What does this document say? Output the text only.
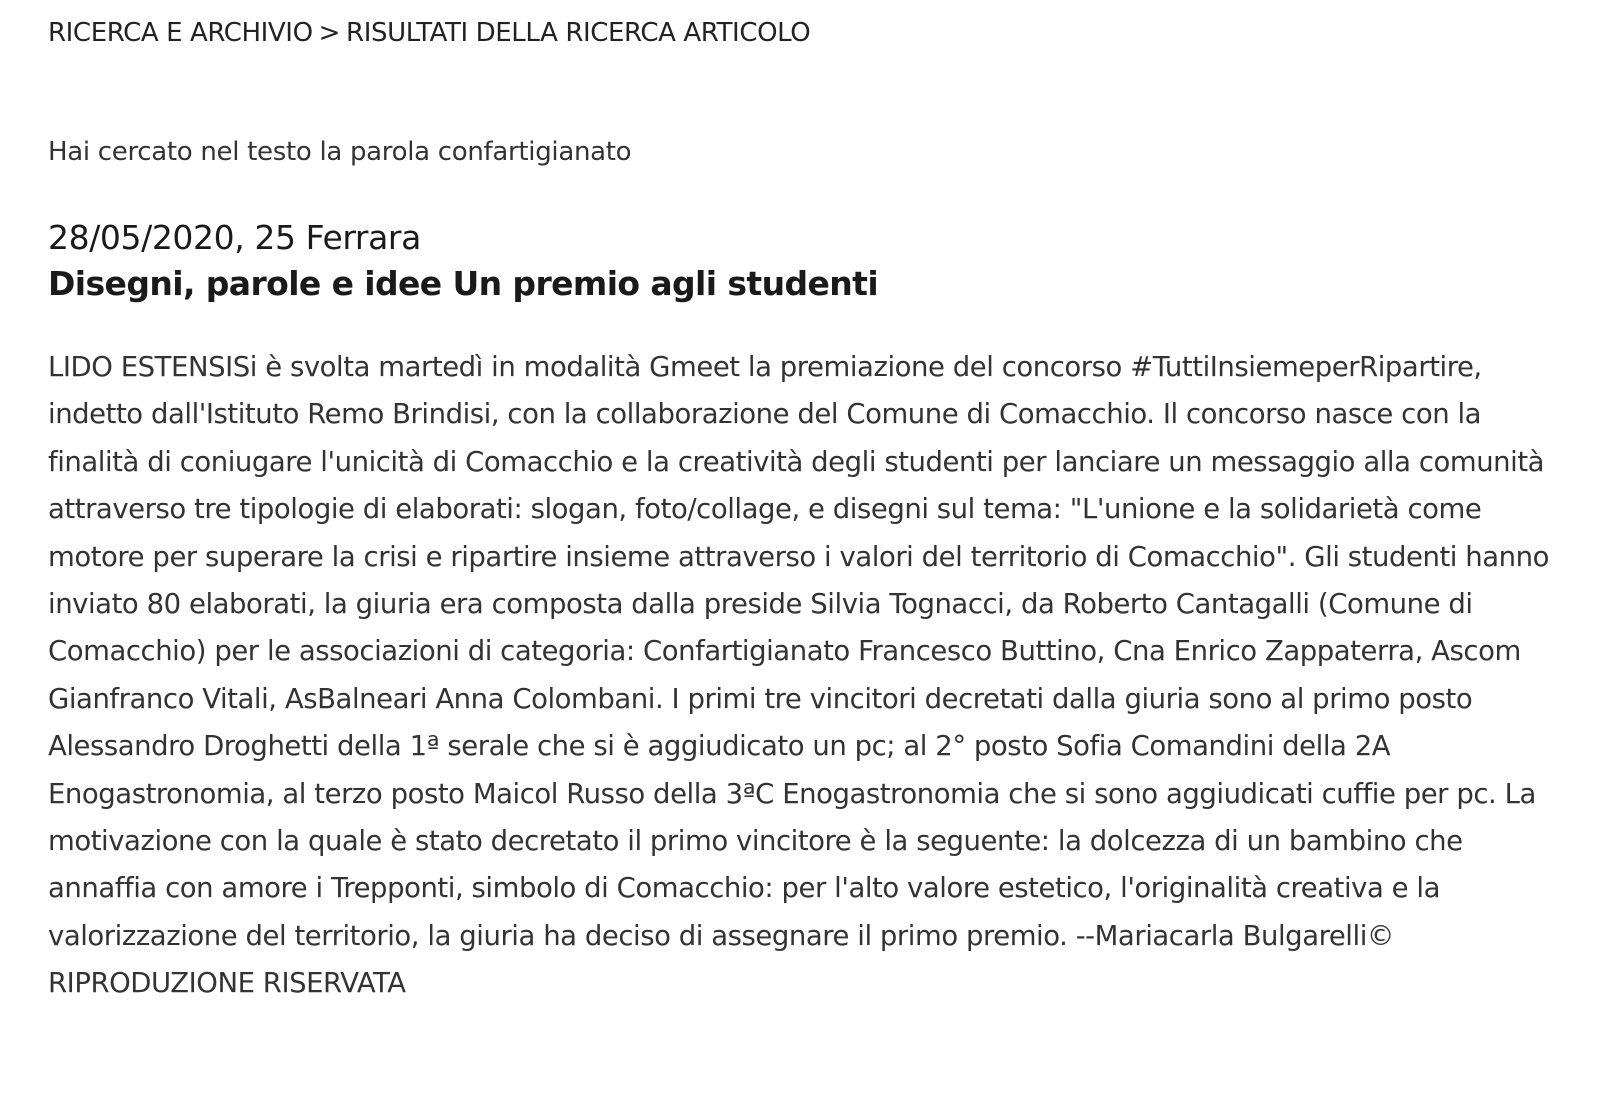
RICERCA E ARCHIVIO > RISULTATI DELLA RICERCA ARTICOLO
Hai cercato nel testo la parola confartigianato
28/05/2020, 25 Ferrara
Disegni, parole e idee Un premio agli studenti

LIDO ESTENSISi è svolta martedì in modalità Gmeet la premiazione del concorso #TuttiInsiemeperRipartire, indetto dall'Istituto Remo Brindisi, con la collaborazione del Comune di Comacchio. Il concorso nasce con la finalità di coniugare l'unicità di Comacchio e la creatività degli studenti per lanciare un messaggio alla comunità attraverso tre tipologie di elaborati: slogan, foto/collage, e disegni sul tema: "L'unione e la solidarietà come motore per superare la crisi e ripartire insieme attraverso i valori del territorio di Comacchio". Gli studenti hanno inviato 80 elaborati, la giuria era composta dalla preside Silvia Tognacci, da Roberto Cantagalli (Comune di Comacchio) per le associazioni di categoria: Confartigianato Francesco Buttino, Cna Enrico Zappaterra, Ascom Gianfranco Vitali, AsBalneari Anna Colombani. I primi tre vincitori decretati dalla giuria sono al primo posto Alessandro Droghetti della 1ª serale che si è aggiudicato un pc; al 2° posto Sofia Comandini della 2A Enogastronomia, al terzo posto Maicol Russo della 3ªC Enogastronomia che si sono aggiudicati cuffie per pc. La motivazione con la quale è stato decretato il primo vincitore è la seguente: la dolcezza di un bambino che annaffia con amore i Trepponti, simbolo di Comacchio: per l'alto valore estetico, l'originalità creativa e la valorizzazione del territorio, la giuria ha deciso di assegnare il primo premio. --Mariacarla Bulgarelli© RIPRODUZIONE RISERVATA
